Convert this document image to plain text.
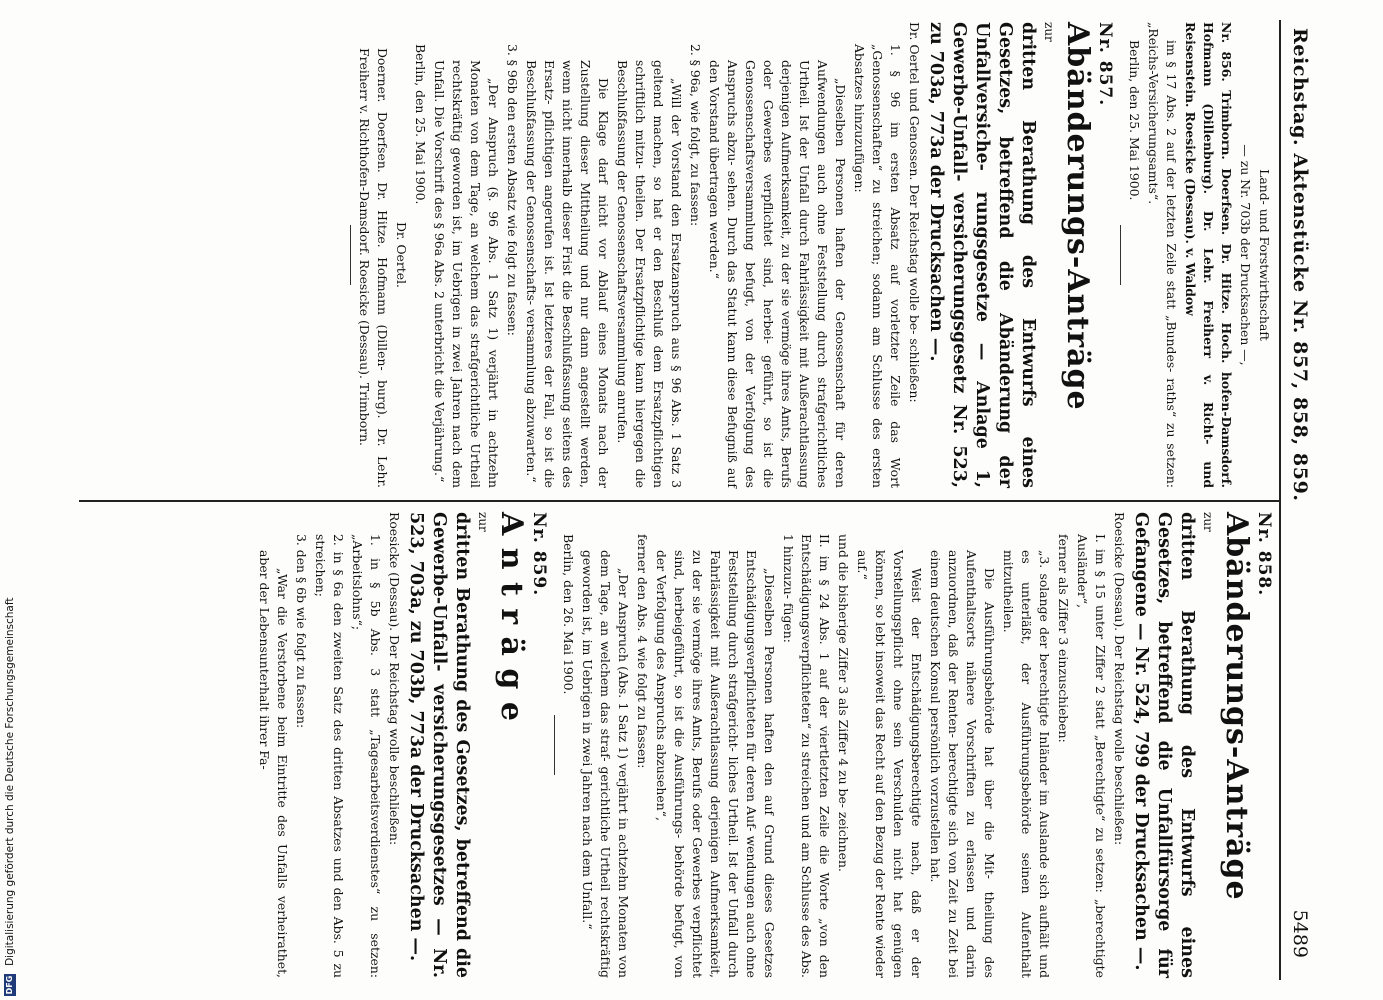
Reichstag. Aktenstücke Nr. 857, 858, 859.
5489

Land- und Forstwirthschaft

— zu Nr. 703b der Drucksachen —,

Nr. 856. Trimborn. Doerfsen. Dr. Hitze. Hoch. hofen-Damsdorf. Hofmann (Dillenburg). Dr. Lehr. Freiherr v. Richt- und Reisenstein. Roesicke (Dessau). v. Waldow

im § 17 Abs. 2 auf der letzten Zeile statt „Bundes- raths“ zu setzen: „Reichs-Versicherungsamts“.

Berlin, den 25. Mai 1900.

Nr. 857.

Abänderungs-Anträge

zur

dritten Berathung des Entwurfs eines Gesetzes, betreffend die Abänderung der Unfallversiche- rungsgesetze — Anlage 1, Gewerbe-Unfall- versicherungsgesetz Nr. 523, zu 703a, 773a der Drucksachen —.

Dr. Oertel und Genossen. Der Reichstag wolle be- schließen:

1. § 96 im ersten Absatz auf vorletzter Zeile das Wort „Genossenschaften“ zu streichen; sodann am Schlusse des ersten Absatzes hinzuzufügen:

„Dieselben Personen haften der Genossenschaft für deren Aufwendungen auch ohne Feststellung durch strafgerichtliches Urtheil. Ist der Unfall durch Fahrlässigkeit mit Außerachtlassung derjenigen Aufmerksamkeit, zu der sie vermöge ihres Amts, Berufs oder Gewerbes verpflichtet sind, herbei- geführt, so ist die Genossenschaftsversammlung befugt, von der Verfolgung des Anspruchs abzu- sehen. Durch das Statut kann diese Befugniß auf den Vorstand übertragen werden.“

2. § 96a, wie folgt, zu fassen:

„Will der Vorstand den Ersatzanspruch aus § 96 Abs. 1 Satz 3 geltend machen, so hat er den Beschluß dem Ersatzpflichtigen schriftlich mitzu- theilen. Der Ersatzpflichtige kann hiergegen die Beschlußfassung der Genossenschaftsversammlung anrufen.

Die Klage darf nicht vor Ablauf eines Monats nach der Zustellung dieser Mittheilung und nur dann angestellt werden, wenn nicht innerhalb dieser Frist die Beschlußfassung seitens des Ersatz- pflichtigen angerufen ist. Ist letzteres der Fall, so ist die Beschlußfassung der Genossenschafts- versammlung abzuwarten.“

3. § 96b den ersten Absatz wie folgt zu fassen:

„Der Anspruch (§. 96 Abs. 1 Satz 1) verjährt in achtzehn Monaten von dem Tage, an welchem das strafgerichtliche Urtheil rechtskräftig geworden ist, im Uebrigen in zwei Jahren nach dem Unfall. Die Vorschrift des § 96a Abs. 2 unterbricht die Verjährung.“

Berlin, den 25. Mai 1900.

Dr. Oertel.

Doerner. Doerfsen. Dr. Hitze. Hofmann (Dillen- burg). Dr. Lehr. Freiherr v. Richthofen-Damsdorf. Roesicke (Dessau). Trimborn.

Nr. 858.

Abänderungs-Anträge

zur

dritten Berathung des Entwurfs eines Gesetzes, betreffend die Unfallfürsorge für Gefangene — Nr. 524, 799 der Drucksachen —.

Roesicke (Dessau). Der Reichstag wolle beschließen:

I. im § 15 unter Ziffer 2 statt „Berechtigte“ zu setzen: „berechtigte Ausländer“,

ferner als Ziffer 3 einzuschieben:

„3. solange der berechtigte Inländer im Auslande sich aufhält und es unterläßt, der Ausführungsbehörde seinen Aufenthalt mitzutheilen.

Die Ausführungsbehörde hat über die Mit- theilung des Aufenthaltsorts nähere Vorschriften zu erlassen und darin anzuordnen, daß der Renten- berechtigte sich von Zeit zu Zeit bei einem deutschen Konsul persönlich vorzustellen hat.

Weist der Entschädigungsberechtigte nach, daß er der Vorstellungspflicht ohne sein Verschulden nicht hat genügen können, so lebt insoweit das Recht auf den Bezug der Rente wieder auf.“

und die bisherige Ziffer 3 als Ziffer 4 zu be- zeichnen.

II. im § 24 Abs. 1 auf der viertletzten Zeile die Worte „von den Entschädigungsverpflichteten“ zu streichen und am Schlusse des Abs. 1 hinzuzu- fügen:

„Dieselben Personen haften den auf Grund dieses Gesetzes Entschädigungsverpflichteten für deren Auf- wendungen auch ohne Feststellung durch strafgericht- liches Urtheil. Ist der Unfall durch Fahrlässigkeit mit Außerachtlassung derjenigen Aufmerksamkeit, zu der sie vermöge ihres Amts, Berufs oder Gewerbes verpflichtet sind, herbeigeführt, so ist die Ausführungs- behörde befugt, von der Verfolgung des Anspruchs abzusehen“,

ferner den Abs. 4 wie folgt zu fassen:

„Der Anspruch (Abs. 1 Satz 1) verjährt in achtzehn Monaten von dem Tage, an welchem das straf- gerichtliche Urtheil rechtskräftig geworden ist, im Uebrigen in zwei Jahren nach dem Unfall.“

Berlin, den 26. Mai 1900.

Nr. 859.

A n t r ä g e

zur

dritten Berathung des Gesetzes, betreffend die Gewerbe-Unfall- versicherungsgesetzes — Nr. 523, 703a, zu 703b, 773a der Drucksachen —.

Roesicke (Dessau). Der Reichstag wolle beschließen:

1. in § 5b Abs. 3 statt „Tagesarbeitsverdienstes“ zu setzen: „Arbeitslohns“;

2. in § 6a den zweiten Satz des dritten Absatzes und den Abs. 5 zu streichen;

3. den § 6b wie folgt zu fassen:

„War die Verstorbene beim Eintritte des Unfalls verheirathet, aber der Lebensunterhalt ihrer Fa-

DFG Digitalisierung gefördert durch die Deutsche Forschungsgemeinschaft
